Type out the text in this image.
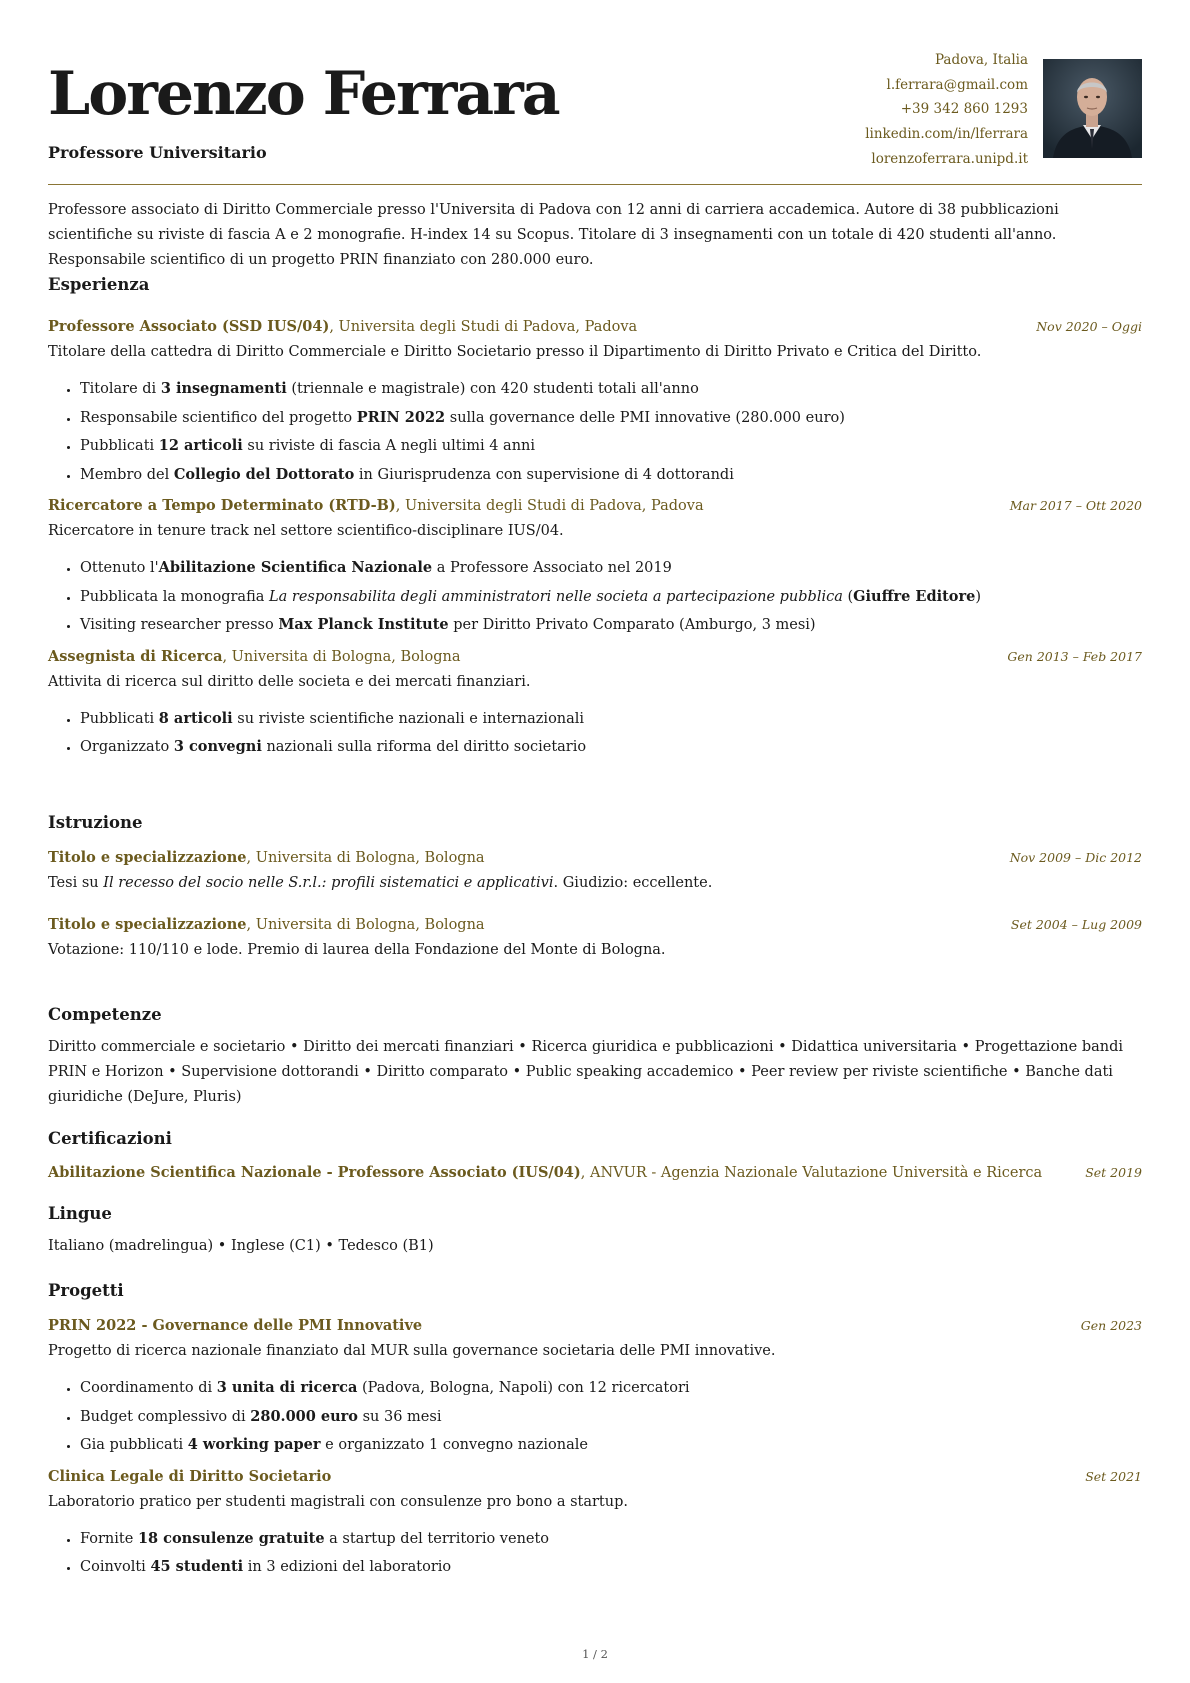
Lorenzo Ferrara
Professore Universitario
Padova, Italia
l.ferrara@gmail.com
+39 342 860 1293
linkedin.com/in/lferrara
lorenzoferrara.unipd.it
Professore associato di Diritto Commerciale presso l'Universita di Padova con 12 anni di carriera accademica. Autore di 38 pubblicazioni scientifiche su riviste di fascia A e 2 monografie. H-index 14 su Scopus. Titolare di 3 insegnamenti con un totale di 420 studenti all'anno. Responsabile scientifico di un progetto PRIN finanziato con 280.000 euro.
Esperienza
Professore Associato (SSD IUS/04), Universita degli Studi di Padova, Padova	Nov 2020 – Oggi
Titolare della cattedra di Diritto Commerciale e Diritto Societario presso il Dipartimento di Diritto Privato e Critica del Diritto.
• Titolare di 3 insegnamenti (triennale e magistrale) con 420 studenti totali all'anno
• Responsabile scientifico del progetto PRIN 2022 sulla governance delle PMI innovative (280.000 euro)
• Pubblicati 12 articoli su riviste di fascia A negli ultimi 4 anni
• Membro del Collegio del Dottorato in Giurisprudenza con supervisione di 4 dottorandi
Ricercatore a Tempo Determinato (RTD-B), Universita degli Studi di Padova, Padova	Mar 2017 – Ott 2020
Ricercatore in tenure track nel settore scientifico-disciplinare IUS/04.
• Ottenuto l'Abilitazione Scientifica Nazionale a Professore Associato nel 2019
• Pubblicata la monografia La responsabilita degli amministratori nelle societa a partecipazione pubblica (Giuffre Editore)
• Visiting researcher presso Max Planck Institute per Diritto Privato Comparato (Amburgo, 3 mesi)
Assegnista di Ricerca, Universita di Bologna, Bologna	Gen 2013 – Feb 2017
Attivita di ricerca sul diritto delle societa e dei mercati finanziari.
• Pubblicati 8 articoli su riviste scientifiche nazionali e internazionali
• Organizzato 3 convegni nazionali sulla riforma del diritto societario
Istruzione
Titolo e specializzazione, Universita di Bologna, Bologna	Nov 2009 – Dic 2012
Tesi su Il recesso del socio nelle S.r.l.: profili sistematici e applicativi. Giudizio: eccellente.
Titolo e specializzazione, Universita di Bologna, Bologna	Set 2004 – Lug 2009
Votazione: 110/110 e lode. Premio di laurea della Fondazione del Monte di Bologna.
Competenze
Diritto commerciale e societario • Diritto dei mercati finanziari • Ricerca giuridica e pubblicazioni • Didattica universitaria • Progettazione bandi PRIN e Horizon • Supervisione dottorandi • Diritto comparato • Public speaking accademico • Peer review per riviste scientifiche • Banche dati giuridiche (DeJure, Pluris)
Certificazioni
Abilitazione Scientifica Nazionale - Professore Associato (IUS/04), ANVUR - Agenzia Nazionale Valutazione Università e Ricerca	Set 2019
Lingue
Italiano (madrelingua) • Inglese (C1) • Tedesco (B1)
Progetti
PRIN 2022 - Governance delle PMI Innovative	Gen 2023
Progetto di ricerca nazionale finanziato dal MUR sulla governance societaria delle PMI innovative.
• Coordinamento di 3 unita di ricerca (Padova, Bologna, Napoli) con 12 ricercatori
• Budget complessivo di 280.000 euro su 36 mesi
• Gia pubblicati 4 working paper e organizzato 1 convegno nazionale
Clinica Legale di Diritto Societario	Set 2021
Laboratorio pratico per studenti magistrali con consulenze pro bono a startup.
• Fornite 18 consulenze gratuite a startup del territorio veneto
• Coinvolti 45 studenti in 3 edizioni del laboratorio
1 / 2
